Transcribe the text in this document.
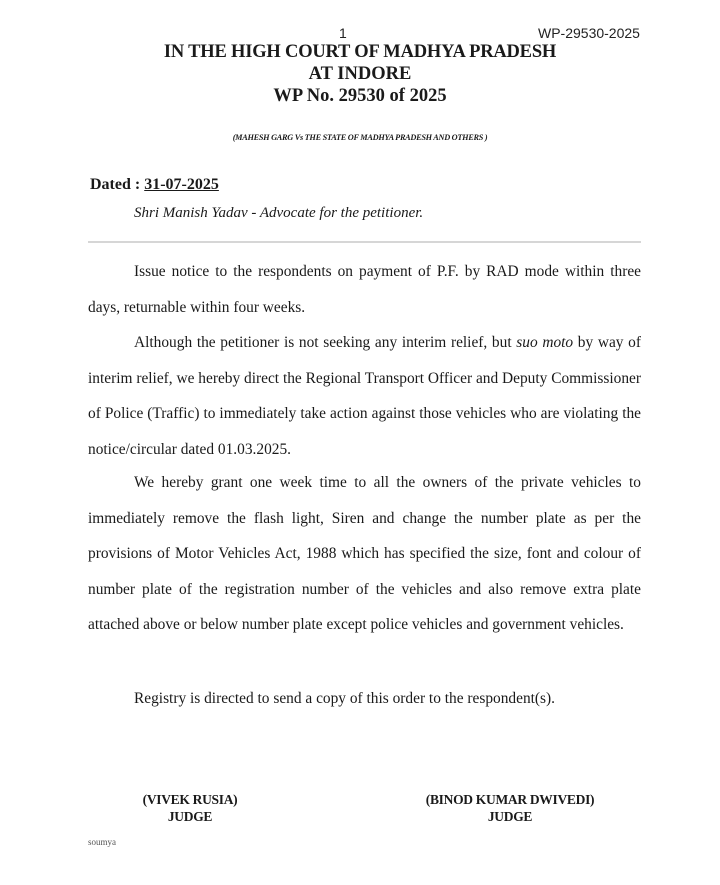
1	WP-29530-2025
IN THE HIGH COURT OF MADHYA PRADESH
AT INDORE
WP No. 29530 of 2025
(MAHESH GARG Vs THE STATE OF MADHYA PRADESH AND OTHERS )
Dated : 31-07-2025
Shri Manish Yadav - Advocate for the petitioner.
Issue notice to the respondents on payment of P.F. by RAD mode within three days, returnable within four weeks.
Although the petitioner is not seeking any interim relief, but suo moto by way of interim relief, we hereby direct the Regional Transport Officer and Deputy Commissioner of Police (Traffic) to immediately take action against those vehicles who are violating the notice/circular dated 01.03.2025.
We hereby grant one week time to all the owners of the private vehicles to immediately remove the flash light, Siren and change the number plate as per the provisions of Motor Vehicles Act, 1988 which has specified the size, font and colour of number plate of the registration number of the vehicles and also remove extra plate attached above or below number plate except police vehicles and government vehicles.
Registry is directed to send a copy of this order to the respondent(s).
(VIVEK RUSIA)
JUDGE
(BINOD KUMAR DWIVEDI)
JUDGE
soumya
